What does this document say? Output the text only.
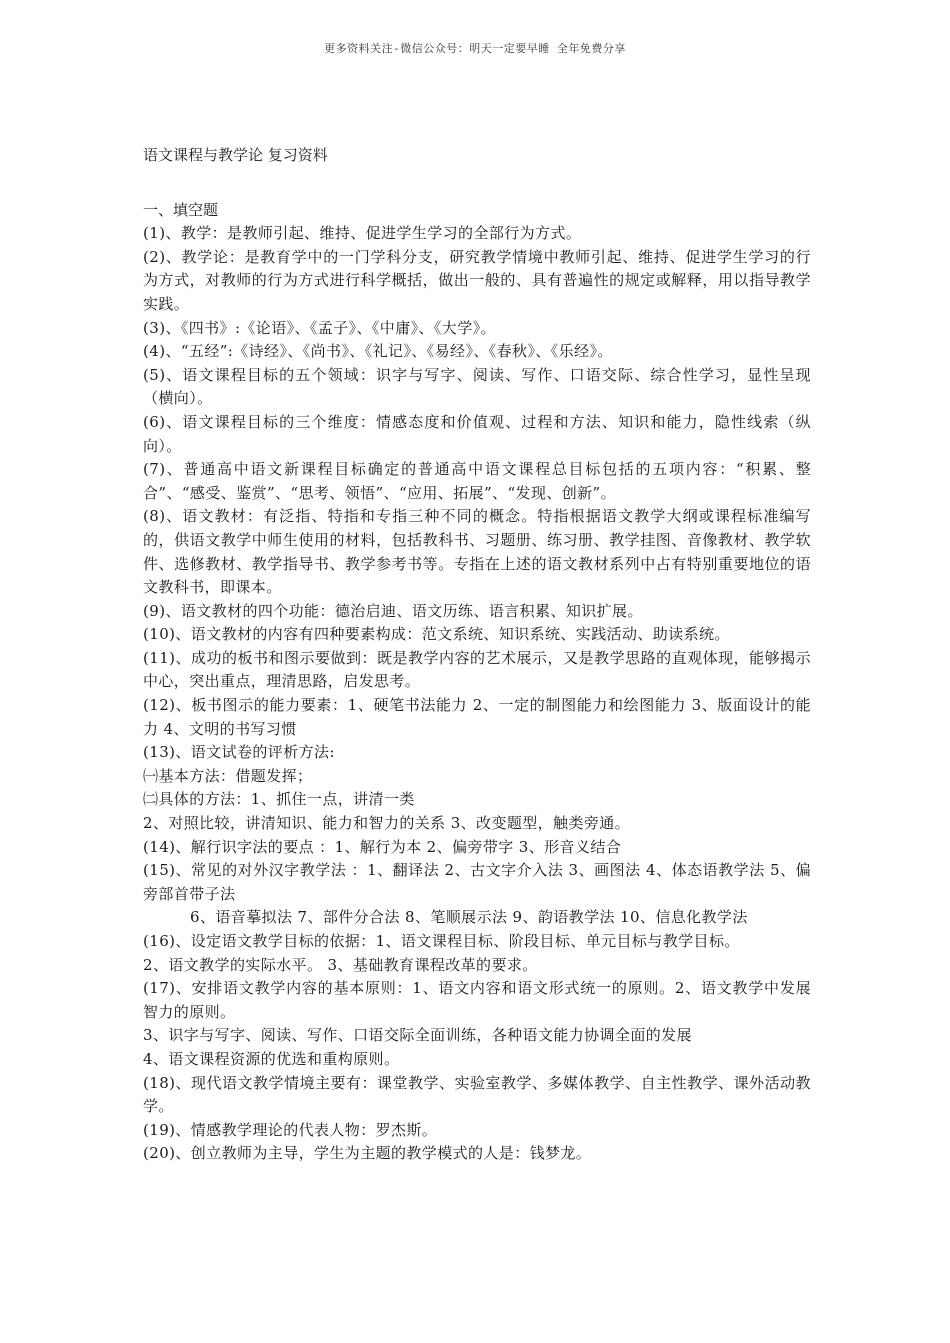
更多资料关注-微信公众号：明天一定要早睡 全年免费分享
语文课程与教学论 复习资料
一、填空题

(1)、教学：是教师引起、维持、促进学生学习的全部行为方式。

(2)、教学论：是教育学中的一门学科分支，研究教学情境中教师引起、维持、促进学生学习的行为方式，对教师的行为方式进行科学概括，做出一般的、具有普遍性的规定或解释，用以指导教学实践。

(3)、《四书》:《论语》、《孟子》、《中庸》、《大学》。

(4)、“五经”:《诗经》、《尚书》、《礼记》、《易经》、《春秋》、《乐经》。

(5)、语文课程目标的五个领域：识字与写字、阅读、写作、口语交际、综合性学习，显性呈现（横向）。

(6)、语文课程目标的三个维度：情感态度和价值观、过程和方法、知识和能力，隐性线索（纵向）。

(7)、普通高中语文新课程目标确定的普通高中语文课程总目标包括的五项内容：“积累、整合”、“感受、鉴赏”、“思考、领悟”、“应用、拓展”、“发现、创新”。

(8)、语文教材：有泛指、特指和专指三种不同的概念。特指根据语文教学大纲或课程标准编写的，供语文教学中师生使用的材料，包括教科书、习题册、练习册、教学挂图、音像教材、教学软件、选修教材、教学指导书、教学参考书等。专指在上述的语文教材系列中占有特别重要地位的语文教科书，即课本。

(9)、语文教材的四个功能：德治启迪、语文历练、语言积累、知识扩展。

(10)、语文教材的内容有四种要素构成：范文系统、知识系统、实践活动、助读系统。

(11)、成功的板书和图示要做到：既是教学内容的艺术展示，又是教学思路的直观体现，能够揭示中心，突出重点，理清思路，启发思考。

(12)、板书图示的能力要素：1、硬笔书法能力 2、一定的制图能力和绘图能力 3、版面设计的能力 4、文明的书写习惯

(13)、语文试卷的评析方法:

㈠基本方法：借题发挥；

㈡具体的方法：1、抓住一点，讲清一类

2、对照比较，讲清知识、能力和智力的关系 3、改变题型，触类旁通。

(14)、解行识字法的要点 ：1、解行为本 2、偏旁带字 3、形音义结合

(15)、常见的对外汉字教学法 ：1、翻译法 2、古文字介入法 3、画图法 4、体态语教学法 5、偏旁部首带子法

6、语音摹拟法 7、部件分合法 8、笔顺展示法 9、韵语教学法 10、信息化教学法

(16)、设定语文教学目标的依据：1、语文课程目标、阶段目标、单元目标与教学目标。

2、语文教学的实际水平。 3、基础教育课程改革的要求。

(17)、安排语文教学内容的基本原则：1、语文内容和语文形式统一的原则。2、语文教学中发展智力的原则。

3、识字与写字、阅读、写作、口语交际全面训练，各种语文能力协调全面的发展

4、语文课程资源的优选和重构原则。

(18)、现代语文教学情境主要有：课堂教学、实验室教学、多媒体教学、自主性教学、课外活动教学。

(19)、情感教学理论的代表人物：罗杰斯。

(20)、创立教师为主导，学生为主题的教学模式的人是：钱梦龙。
